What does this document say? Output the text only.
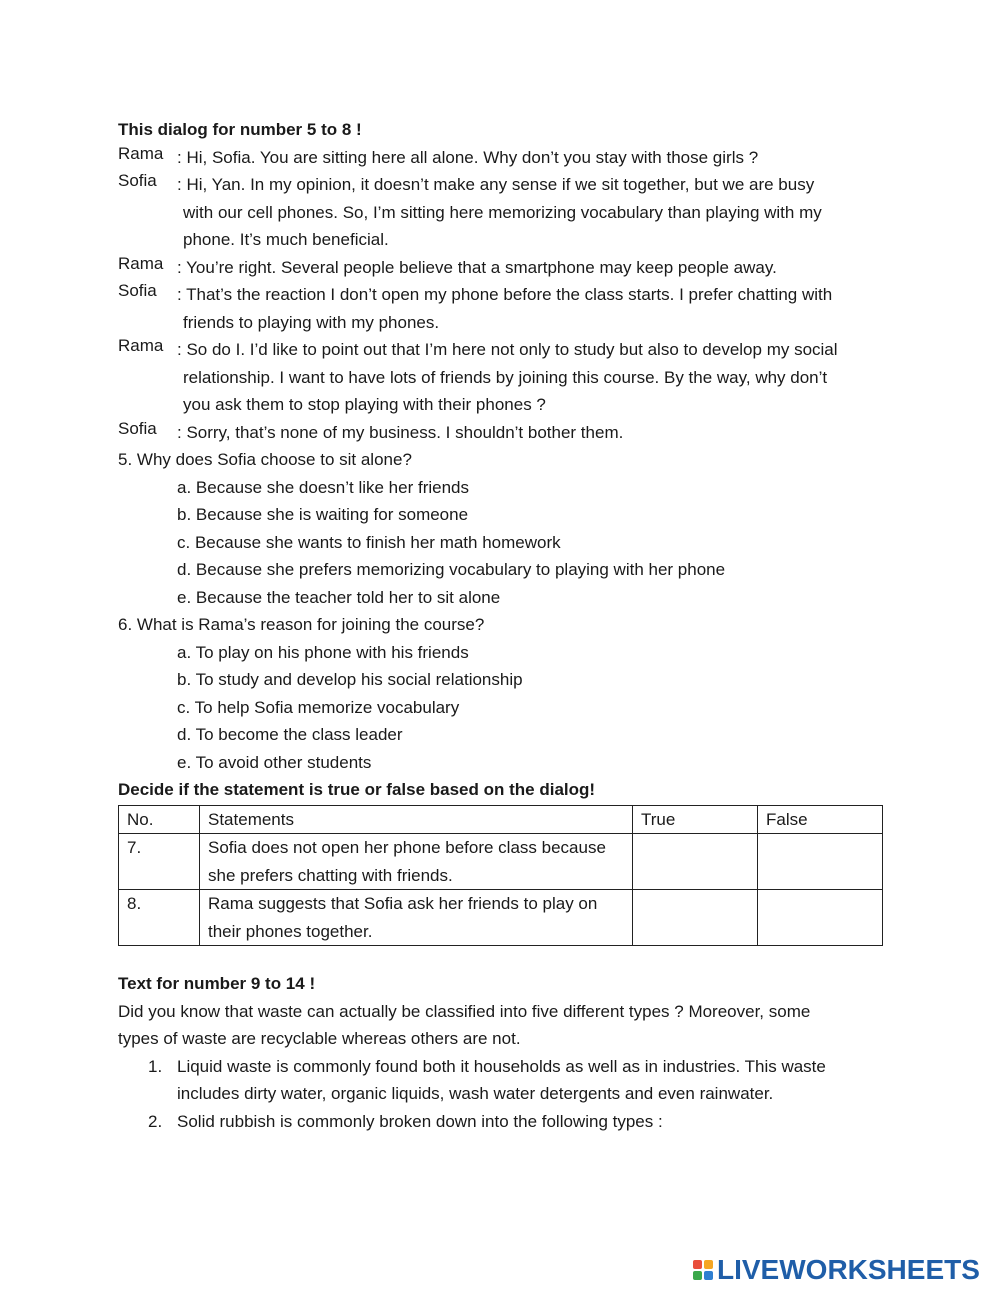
This dialog for number 5 to 8 !
Rama : Hi, Sofia. You are sitting here all alone. Why don’t you stay with those girls ?
Sofia	: Hi, Yan. In my opinion, it doesn’t make any sense if we sit together, but we are busy
with our cell phones. So, I’m sitting here memorizing vocabulary than playing with my
phone. It’s much beneficial.
Rama : You’re right. Several people believe that a smartphone may keep people away.
Sofia	: That’s the reaction I don’t open my phone before the class starts. I prefer chatting with
friends to playing with my phones.
Rama : So do I. I’d like to point out that I’m here not only to study but also to develop my social
relationship. I want to have lots of friends by joining this course. By the way, why don’t
you ask them to stop playing with their phones ?
Sofia	: Sorry, that’s none of my business. I shouldn’t bother them.
5. Why does Sofia choose to sit alone?
a. Because she doesn’t like her friends
b. Because she is waiting for someone
c. Because she wants to finish her math homework
d. Because she prefers memorizing vocabulary to playing with her phone
e. Because the teacher told her to sit alone
6. What is Rama’s reason for joining the course?
a. To play on his phone with his friends
b. To study and develop his social relationship
c. To help Sofia memorize vocabulary
d. To become the class leader
e. To avoid other students
Decide if the statement is true or false based on the dialog!
No.	Statements	True	False
7.	Sofia does not open her phone before class because
she prefers chatting with friends.		

8.	Rama suggests that Sofia ask her friends to play on
their phones together.		

Text for number 9 to 14 !
Did you know that waste can actually be classified into five different types ? Moreover, some
types of waste are recyclable whereas others are not.
1. Liquid waste is commonly found both it households as well as in industries. This waste
includes dirty water, organic liquids, wash water detergents and even rainwater.
2. Solid rubbish is commonly broken down into the following types :
LIVEWORKSHEETS
